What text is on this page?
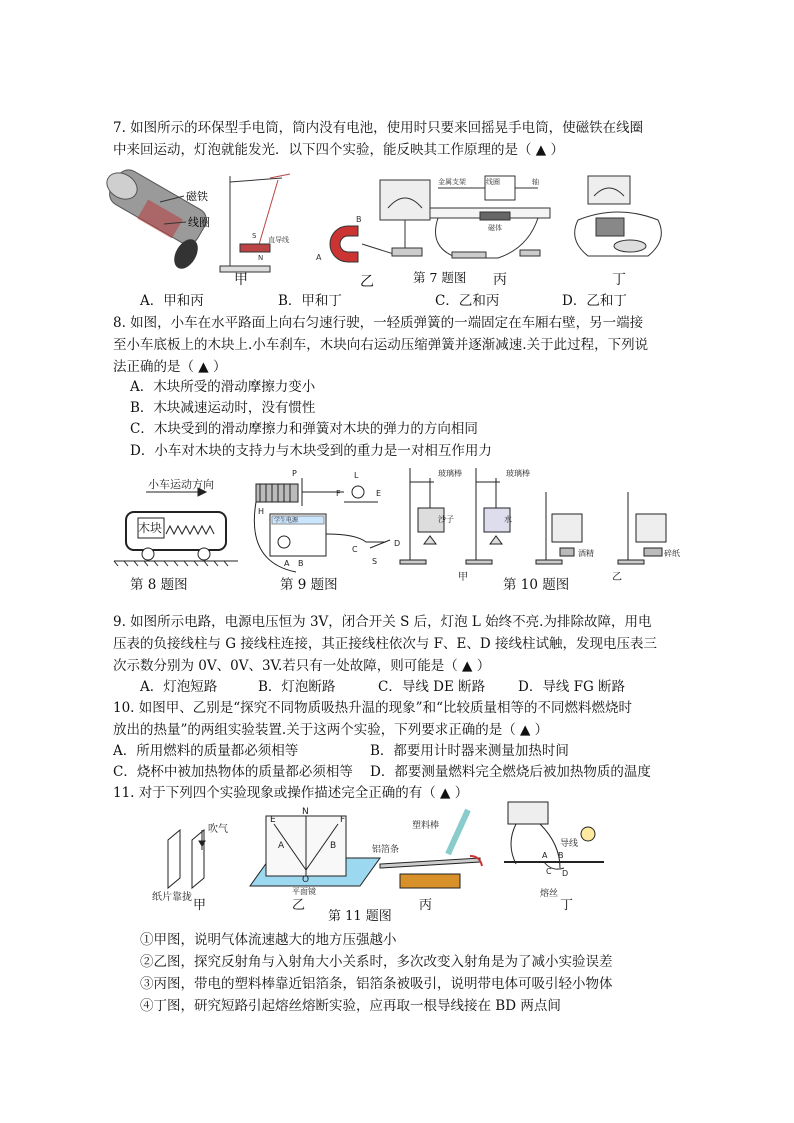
7. 如图所示的环保型手电筒，筒内没有电池，使用时只要来回摇晃手电筒，使磁铁在线圈
中来回运动，灯泡就能发光．以下四个实验，能反映其工作原理的是（ ▲ ）
磁铁
线圈
直导线
S
N	A
B
金属支架	线圈	轴
磁体
甲	乙	第 7 题图 丙	丁
A．甲和丙	B．甲和丁	C．乙和丙	D．乙和丁
8. 如图，小车在水平路面上向右匀速行驶，一轻质弹簧的一端固定在车厢右壁，另一端接
至小车底板上的木块上.小车刹车，木块向右运动压缩弹簧并逐渐减速.关于此过程，下列说
法正确的是（ ▲ ）
A．木块所受的滑动摩擦力变小
B．木块减速运动时，没有惯性
C．木块受到的滑动摩擦力和弹簧对木块的弹力的方向相同
D．小车对木块的支持力与木块受到的重力是一对相互作用力
小车运动方向
木块
P
F
L
E
H
学生电源
C
D
S
A B
玻璃棒
沙子
玻璃棒
水
酒精	碎纸
第 8 题图	第 9 题图	甲	第 10 题图	乙
9. 如图所示电路，电源电压恒为 3V，闭合开关 S 后，灯泡 L 始终不亮.为排除故障，用电
压表的负接线柱与 G 接线柱连接，其正接线柱依次与 F、E、D 接线柱试触，发现电压表三
次示数分别为 0V、0V、3V.若只有一处故障，则可能是（ ▲ ）
A．灯泡短路	B．灯泡断路	C．导线 DE 断路 D．导线 FG 断路
10. 如图甲、乙别是“探究不同物质吸热升温的现象”和“比较质量相等的不同燃料燃烧时
放出的热量”的两组实验装置.关于这两个实验，下列要求正确的是（ ▲ ）
A．所用燃料的质量都必须相等	B．都要用计时器来测量加热时间
C．烧杯中被加热物体的质量都必须相等 D．都要测量燃料完全燃烧后被加热物质的温度
11. 对于下列四个实验现象或操作描述完全正确的有（ ▲ ）
吹气
纸片靠拢
E
N
F
A	B
O
平面镜
塑料棒
铝箔条
导线
熔丝
A B
C D
甲	乙
第 11 题图
丙	丁
①甲图，说明气体流速越大的地方压强越小
②乙图，探究反射角与入射角大小关系时，多次改变入射角是为了减小实验误差
③丙图，带电的塑料棒靠近铝箔条，铝箔条被吸引，说明带电体可吸引轻小物体
④丁图，研究短路引起熔丝熔断实验，应再取一根导线接在 BD 两点间
